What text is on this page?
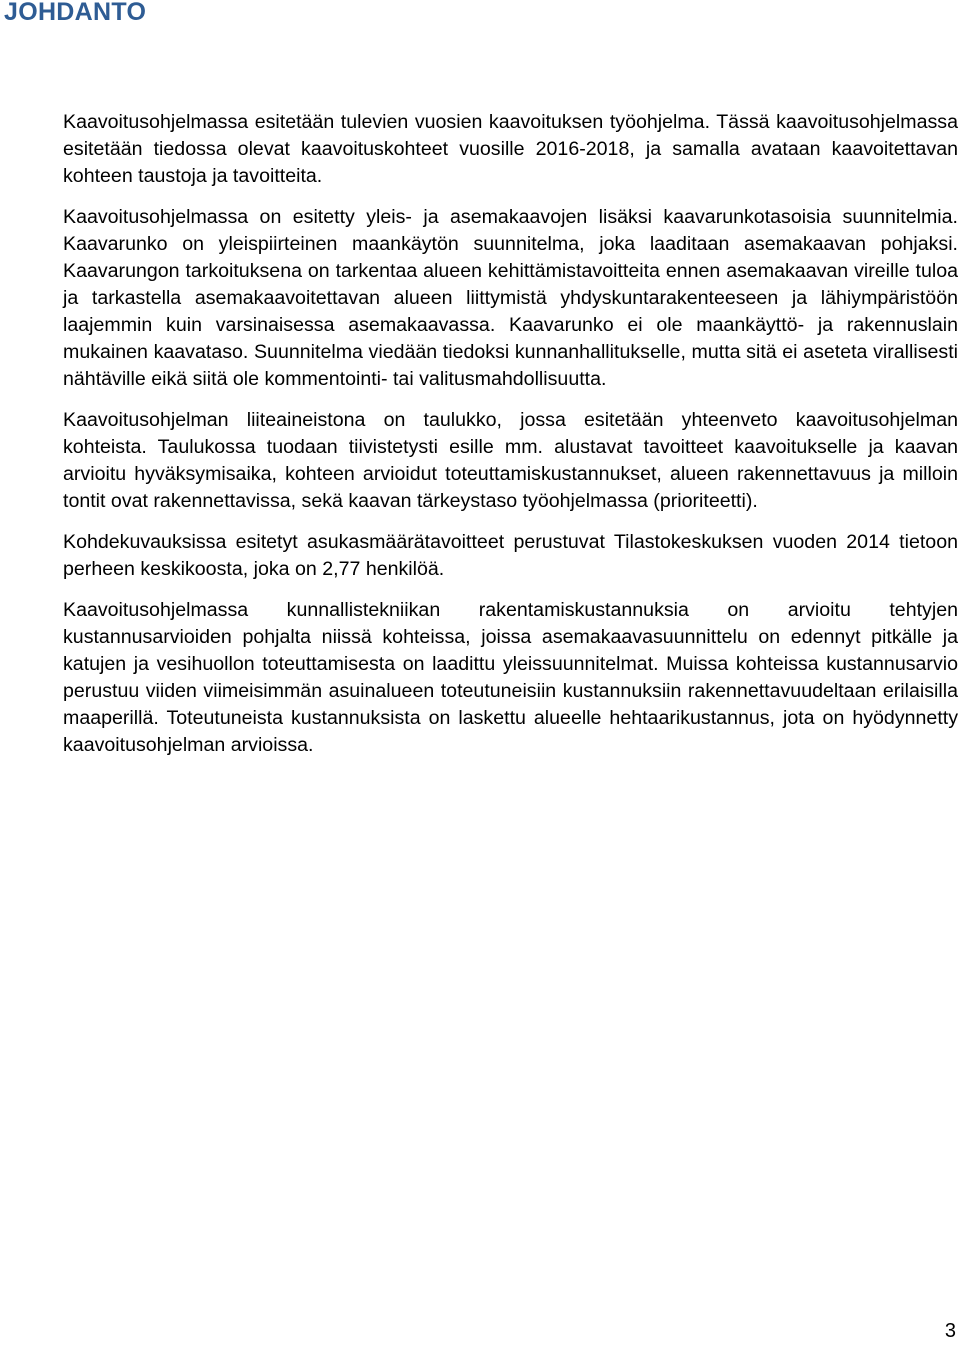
JOHDANTO

Kaavoitusohjelmassa esitetään tulevien vuosien kaavoituksen työohjelma. Tässä kaavoitusohjelmassa esitetään tiedossa olevat kaavoituskohteet vuosille 2016-2018, ja samalla avataan kaavoitettavan kohteen taustoja ja tavoitteita.

Kaavoitusohjelmassa on esitetty yleis- ja asemakaavojen lisäksi kaavarunkotasoisia suunnitelmia. Kaavarunko on yleispiirteinen maankäytön suunnitelma, joka laaditaan asemakaavan pohjaksi. Kaavarungon tarkoituksena on tarkentaa alueen kehittämistavoitteita ennen asemakaavan vireille tuloa ja tarkastella asemakaavoitettavan alueen liittymistä yhdyskuntarakenteeseen ja lähiympäristöön laajemmin kuin varsinaisessa asemakaavassa. Kaavarunko ei ole maankäyttö- ja rakennuslain mukainen kaavataso. Suunnitelma viedään tiedoksi kunnanhallitukselle, mutta sitä ei aseteta virallisesti nähtäville eikä siitä ole kommentointi- tai valitusmahdollisuutta.

Kaavoitusohjelman liiteaineistona on taulukko, jossa esitetään yhteenveto kaavoitusohjelman kohteista. Taulukossa tuodaan tiivistetysti esille mm. alustavat tavoitteet kaavoitukselle ja kaavan arvioitu hyväksymisaika, kohteen arvioidut toteuttamiskustannukset, alueen rakennettavuus ja milloin tontit ovat rakennettavissa, sekä kaavan tärkeystaso työohjelmassa (prioriteetti).

Kohdekuvauksissa esitetyt asukasmäärätavoitteet perustuvat Tilastokeskuksen vuoden 2014 tietoon perheen keskikoosta, joka on 2,77 henkilöä.

Kaavoitusohjelmassa kunnallistekniikan rakentamiskustannuksia on arvioitu tehtyjen kustannusarvioiden pohjalta niissä kohteissa, joissa asemakaavasuunnittelu on edennyt pitkälle ja katujen ja vesihuollon toteuttamisesta on laadittu yleissuunnitelmat. Muissa kohteissa kustannusarvio perustuu viiden viimeisimmän asuinalueen toteutuneisiin kustannuksiin rakennettavuudeltaan erilaisilla maaperillä. Toteutuneista kustannuksista on laskettu alueelle hehtaarikustannus, jota on hyödynnetty kaavoitusohjelman arvioissa.

3
